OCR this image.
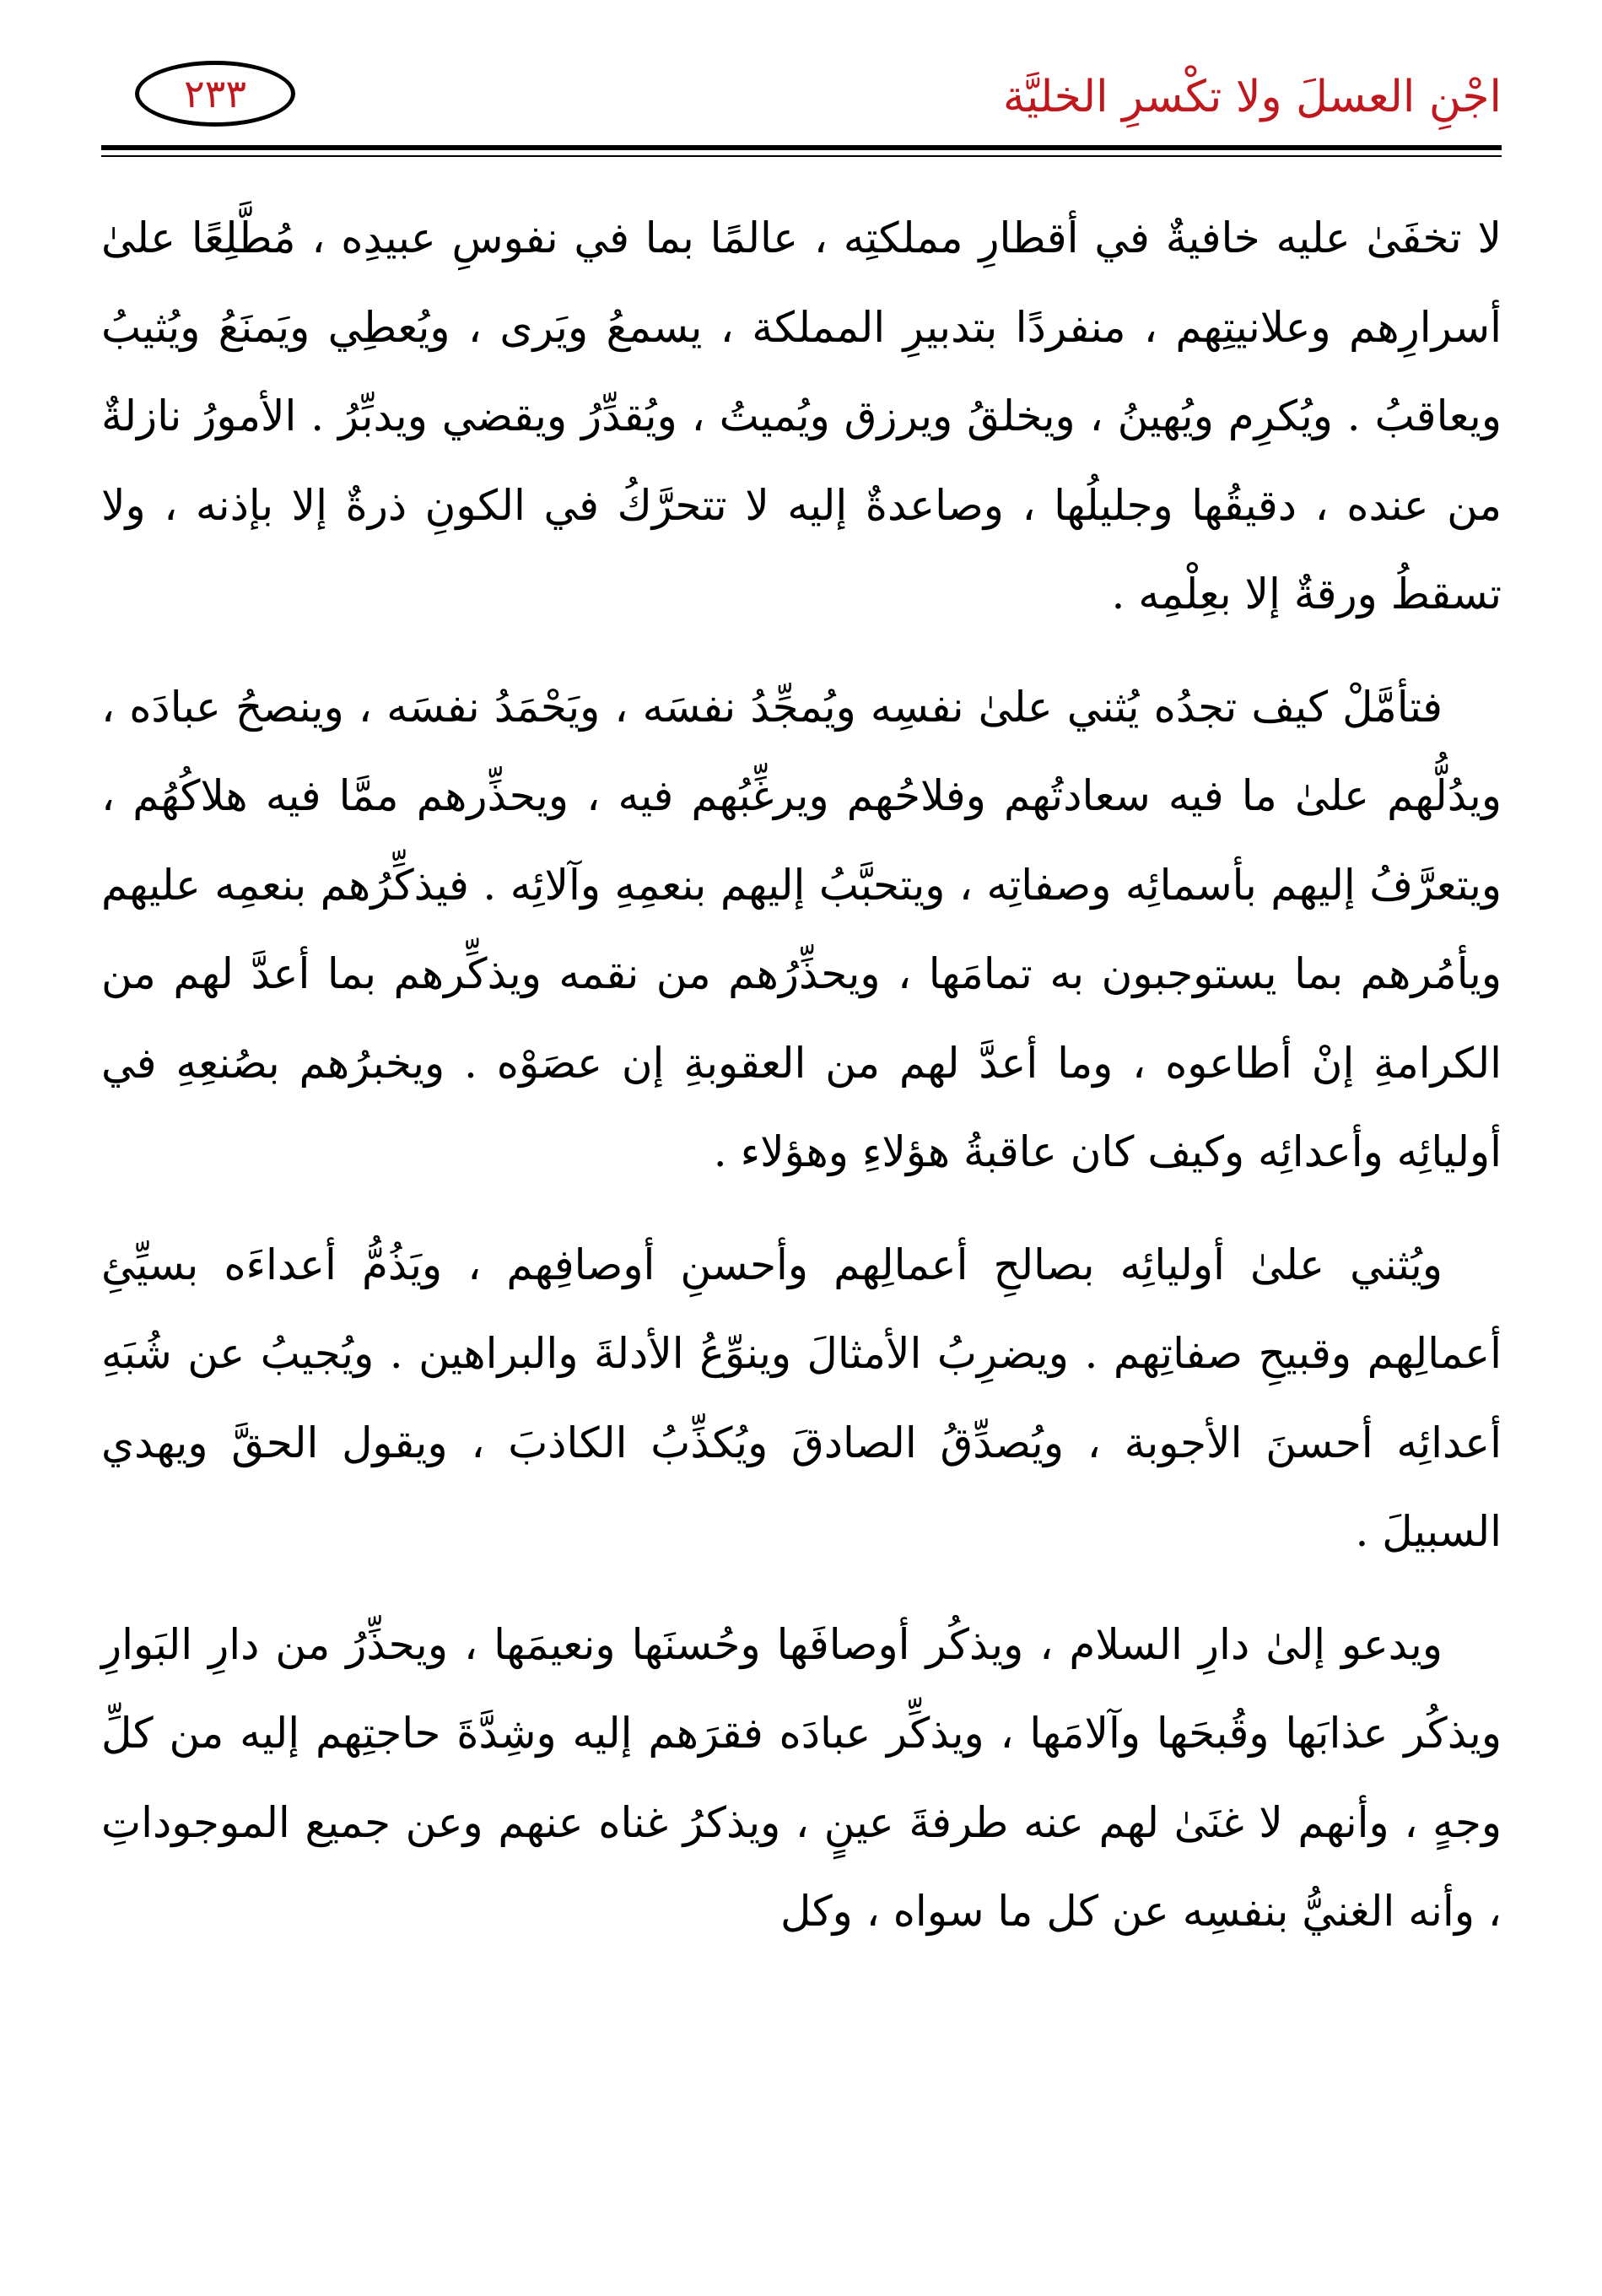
اجْنِ العسلَ ولا تكْسرِ الخليَّة
٢٣٣

لا تخفَىٰ عليه خافيةٌ في أقطارِ مملكتِه ، عالمًا بما في نفوسِ عبيدِه ، مُطَّلِعًا علىٰ أسرارِهم وعلانيتِهم ، منفردًا بتدبيرِ المملكة ، يسمعُ ويَرى ، ويُعطِي ويَمنَعُ ويُثيبُ ويعاقبُ . ويُكرِم ويُهينُ ، ويخلقُ ويرزق ويُميتُ ، ويُقدِّرُ ويقضي ويدبِّرُ . الأمورُ نازلةٌ من عنده ، دقيقُها وجليلُها ، وصاعدةٌ إليه لا تتحرَّكُ في الكونِ ذرةٌ إلا بإذنه ، ولا تسقطُ ورقةٌ إلا بعِلْمِه .

فتأمَّلْ كيف تجدُه يُثني علىٰ نفسِه ويُمجِّدُ نفسَه ، ويَحْمَدُ نفسَه ، وينصحُ عبادَه ، ويدُلُّهم علىٰ ما فيه سعادتُهم وفلاحُهم ويرغِّبُهم فيه ، ويحذِّرهم ممَّا فيه هلاكُهُم ، ويتعرَّفُ إليهم بأسمائِه وصفاتِه ، ويتحبَّبُ إليهم بنعمِهِ وآلائِه . فيذكِّرُهم بنعمِه عليهم ويأمُرهم بما يستوجبون به تمامَها ، ويحذِّرُهم من نقمه ويذكِّرهم بما أعدَّ لهم من الكرامةِ إنْ أطاعوه ، وما أعدَّ لهم من العقوبةِ إن عصَوْه . ويخبرُهم بصُنعِهِ في أوليائِه وأعدائِه وكيف كان عاقبةُ هؤلاءِ وهؤلاء .

ويُثني علىٰ أوليائِه بصالحِ أعمالِهم وأحسنِ أوصافِهم ، ويَذُمُّ أعداءَه بسيِّئِ أعمالِهم وقبيحِ صفاتِهم . ويضرِبُ الأمثالَ وينوِّعُ الأدلةَ والبراهين . ويُجيبُ عن شُبَهِ أعدائِه أحسنَ الأجوبة ، ويُصدِّقُ الصادقَ ويُكذِّبُ الكاذبَ ، ويقول الحقَّ ويهدي السبيلَ .

ويدعو إلىٰ دارِ السلام ، ويذكُر أوصافَها وحُسنَها ونعيمَها ، ويحذِّرُ من دارِ البَوارِ ويذكُر عذابَها وقُبحَها وآلامَها ، ويذكِّر عبادَه فقرَهم إليه وشِدَّةَ حاجتِهم إليه من كلِّ وجهٍ ، وأنهم لا غنَىٰ لهم عنه طرفةَ عينٍ ، ويذكرُ غناه عنهم وعن جميع الموجوداتِ ، وأنه الغنيُّ بنفسِه عن كل ما سواه ، وكل
